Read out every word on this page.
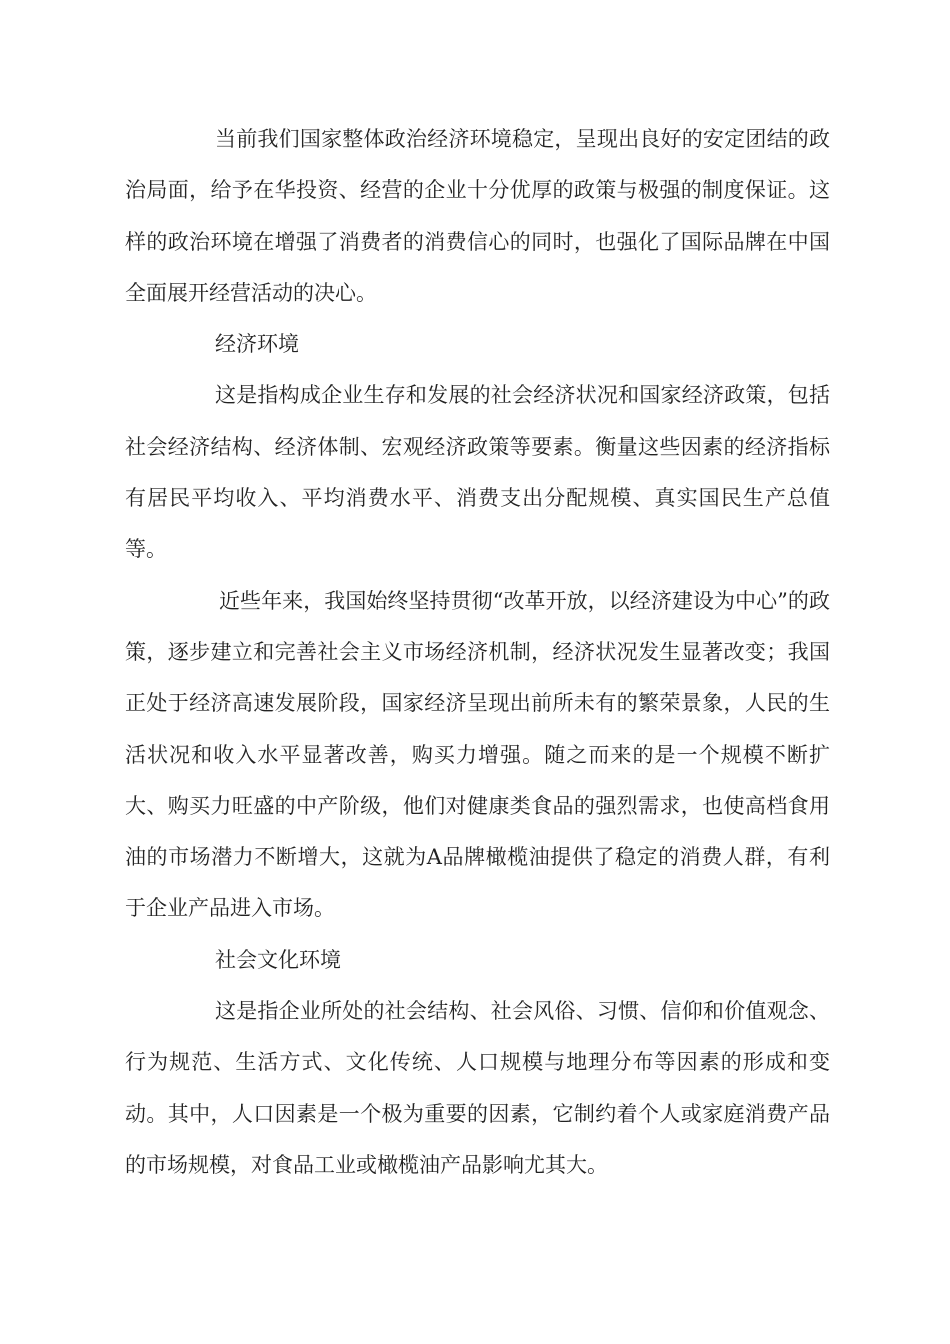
当前我们国家整体政治经济环境稳定，呈现出良好的安定团结的政治局面，给予在华投资、经营的企业十分优厚的政策与极强的制度保证。这样的政治环境在增强了消费者的消费信心的同时，也强化了国际品牌在中国全面展开经营活动的决心。

经济环境

这是指构成企业生存和发展的社会经济状况和国家经济政策，包括社会经济结构、经济体制、宏观经济政策等要素。衡量这些因素的经济指标有居民平均收入、平均消费水平、消费支出分配规模、真实国民生产总值等。

近些年来，我国始终坚持贯彻“改革开放，以经济建设为中心”的政策，逐步建立和完善社会主义市场经济机制，经济状况发生显著改变；我国正处于经济高速发展阶段，国家经济呈现出前所未有的繁荣景象，人民的生活状况和收入水平显著改善，购买力增强。随之而来的是一个规模不断扩大、购买力旺盛的中产阶级，他们对健康类食品的强烈需求，也使高档食用油的市场潜力不断增大，这就为A品牌橄榄油提供了稳定的消费人群，有利于企业产品进入市场。

社会文化环境

这是指企业所处的社会结构、社会风俗、习惯、信仰和价值观念、行为规范、生活方式、文化传统、人口规模与地理分布等因素的形成和变动。其中，人口因素是一个极为重要的因素，它制约着个人或家庭消费产品的市场规模，对食品工业或橄榄油产品影响尤其大。
